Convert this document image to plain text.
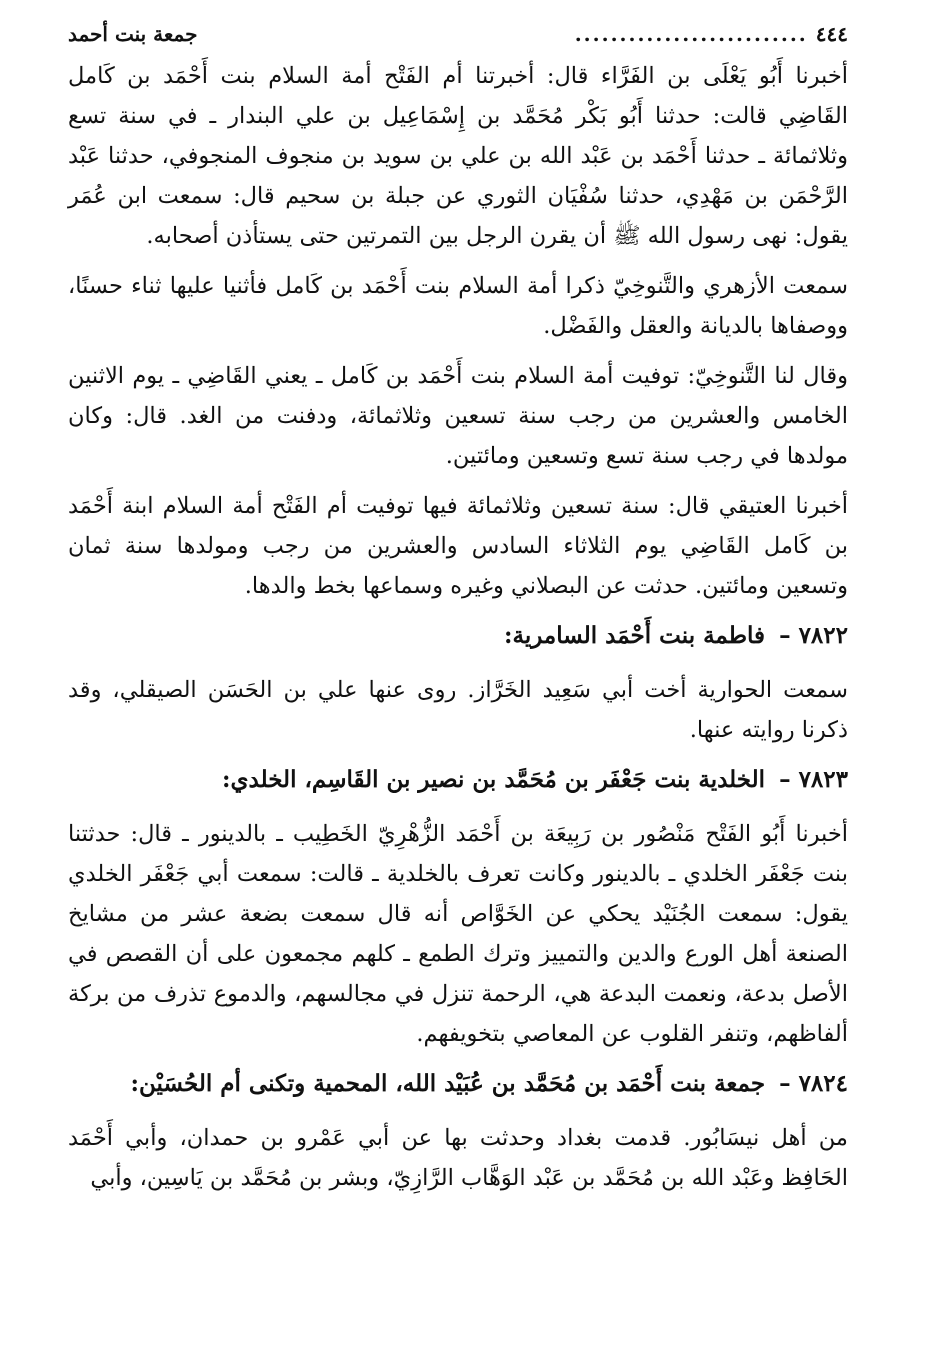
٤٤٤
..........................
جمعة بنت أحمد

أخبرنا أَبُو يَعْلَى بن الفَرَّاء قال: أخبرتنا أم الفَتْح أمة السلام بنت أَحْمَد بن كَامل القَاضِي قالت: حدثنا أَبُو بَكْر مُحَمَّد بن إِسْمَاعِيل بن علي البندار ـ في سنة تسع وثلاثمائة ـ حدثنا أَحْمَد بن عَبْد الله بن علي بن سويد بن منجوف المنجوفي، حدثنا عَبْد الرَّحْمَن بن مَهْدِي، حدثنا سُفْيَان الثوري عن جبلة بن سحيم قال: سمعت ابن عُمَر يقول: نهى رسول الله ﷺ أن يقرن الرجل بين التمرتين حتى يستأذن أصحابه.

سمعت الأزهري والتَّنوخِيّ ذكرا أمة السلام بنت أَحْمَد بن كَامل فأثنيا عليها ثناء حسنًا، ووصفاها بالديانة والعقل والفَضْل.

وقال لنا التَّنوخِيّ: توفيت أمة السلام بنت أَحْمَد بن كَامل ـ يعني القَاضِي ـ يوم الاثنين الخامس والعشرين من رجب سنة تسعين وثلاثمائة، ودفنت من الغد. قال: وكان مولدها في رجب سنة تسع وتسعين ومائتين.

أخبرنا العتيقي قال: سنة تسعين وثلاثمائة فيها توفيت أم الفَتْح أمة السلام ابنة أَحْمَد بن كَامل القَاضِي يوم الثلاثاء السادس والعشرين من رجب ومولدها سنة ثمان وتسعين ومائتين. حدثت عن البصلاني وغيره وسماعها بخط والدها.

٧٨٢٢ – فاطمة بنت أَحْمَد السامرية:

سمعت الحوارية أخت أبي سَعِيد الخَرَّاز. روى عنها علي بن الحَسَن الصيقلي، وقد ذكرنا روايته عنها.

٧٨٢٣ – الخلدية بنت جَعْفَر بن مُحَمَّد بن نصير بن القَاسِم، الخلدي:

أخبرنا أَبُو الفَتْح مَنْصُور بن رَبِيعَة بن أَحْمَد الزُّهْرِيّ الخَطِيب ـ بالدينور ـ قال: حدثتنا بنت جَعْفَر الخلدي ـ بالدينور وكانت تعرف بالخلدية ـ قالت: سمعت أبي جَعْفَر الخلدي يقول: سمعت الجُنَيْد يحكي عن الخَوَّاص أنه قال سمعت بضعة عشر من مشايخ الصنعة أهل الورع والدين والتمييز وترك الطمع ـ كلهم مجمعون على أن القصص في الأصل بدعة، ونعمت البدعة هي، الرحمة تنزل في مجالسهم، والدموع تذرف من بركة ألفاظهم، وتنفر القلوب عن المعاصي بتخويفهم.

٧٨٢٤ – جمعة بنت أَحْمَد بن مُحَمَّد بن عُبَيْد الله، المحمية وتكنى أم الحُسَيْن:

من أهل نيسَابُور. قدمت بغداد وحدثت بها عن أبي عَمْرو بن حمدان، وأبي أَحْمَد الحَافِظ وعَبْد الله بن مُحَمَّد بن عَبْد الوَهَّاب الرَّازِيّ، وبشر بن مُحَمَّد بن يَاسِين، وأبي
